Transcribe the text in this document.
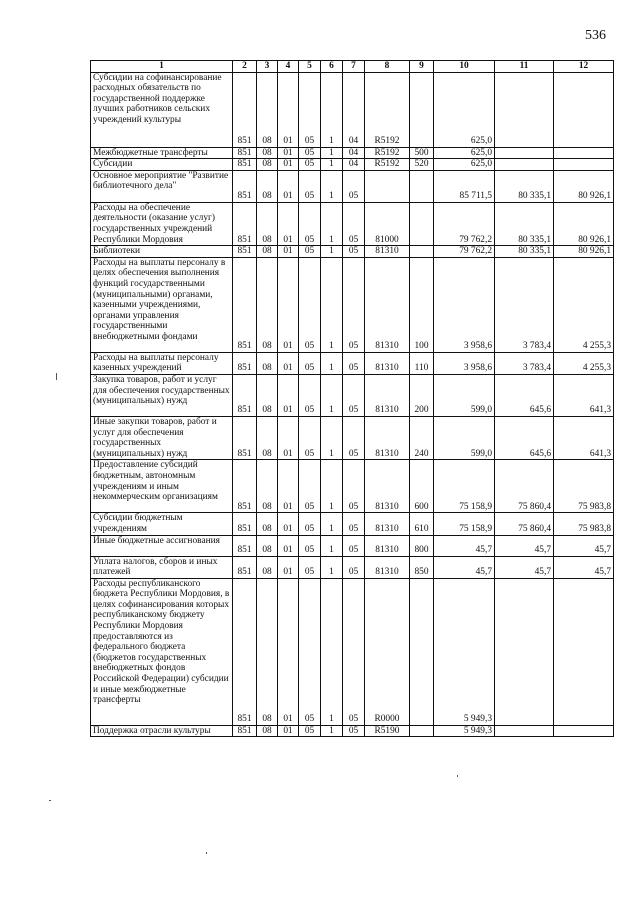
536
1	2	3	4	5	6	7	8	9	10	11	12

Субсидии на софинансирование расходных обязательств по государственной поддержке лучших работников сельских учреждений культуры	851	08	01	05	1	04	R5192		625,0		

Межбюджетные трансферты	851	08	01	05	1	04	R5192	500	625,0		

Субсидии	851	08	01	05	1	04	R5192	520	625,0		

Основное мероприятие "Развитие библиотечного дела"	851	08	01	05	1	05			85 711,5	80 335,1	80 926,1

Расходы на обеспечение деятельности (оказание услуг) государственных учреждений Республики Мордовия	851	08	01	05	1	05	81000		79 762,2	80 335,1	80 926,1

Библиотеки	851	08	01	05	1	05	81310		79 762,2	80 335,1	80 926,1

Расходы на выплаты персоналу в целях обеспечения выполнения функций государственными (муниципальными) органами, казенными учреждениями, органами управления государственными внебюджетными фондами	851	08	01	05	1	05	81310	100	3 958,6	3 783,4	4 255,3

Расходы на выплаты персоналу казенных учреждений	851	08	01	05	1	05	81310	110	3 958,6	3 783,4	4 255,3

Закупка товаров, работ и услуг для обеспечения государственных (муниципальных) нужд	851	08	01	05	1	05	81310	200	599,0	645,6	641,3

Иные закупки товаров, работ и услуг для обеспечения государственных (муниципальных) нужд	851	08	01	05	1	05	81310	240	599,0	645,6	641,3

Предоставление субсидий бюджетным, автономным учреждениям и иным некоммерческим организациям	851	08	01	05	1	05	81310	600	75 158,9	75 860,4	75 983,8

Субсидии бюджетным учреждениям	851	08	01	05	1	05	81310	610	75 158,9	75 860,4	75 983,8

Иные бюджетные ассигнования	851	08	01	05	1	05	81310	800	45,7	45,7	45,7

Уплата налогов, сборов и иных платежей	851	08	01	05	1	05	81310	850	45,7	45,7	45,7

Расходы республиканского бюджета Республики Мордовия, в целях софинансирования которых республиканскому бюджету Республики Мордовия предоставляются из федерального бюджета (бюджетов государственных внебюджетных фондов Российской Федерации) субсидии и иные межбюджетные трансферты	851	08	01	05	1	05	R0000		5 949,3		

Поддержка отрасли культуры	851	08	01	05	1	05	R5190		5 949,3		
